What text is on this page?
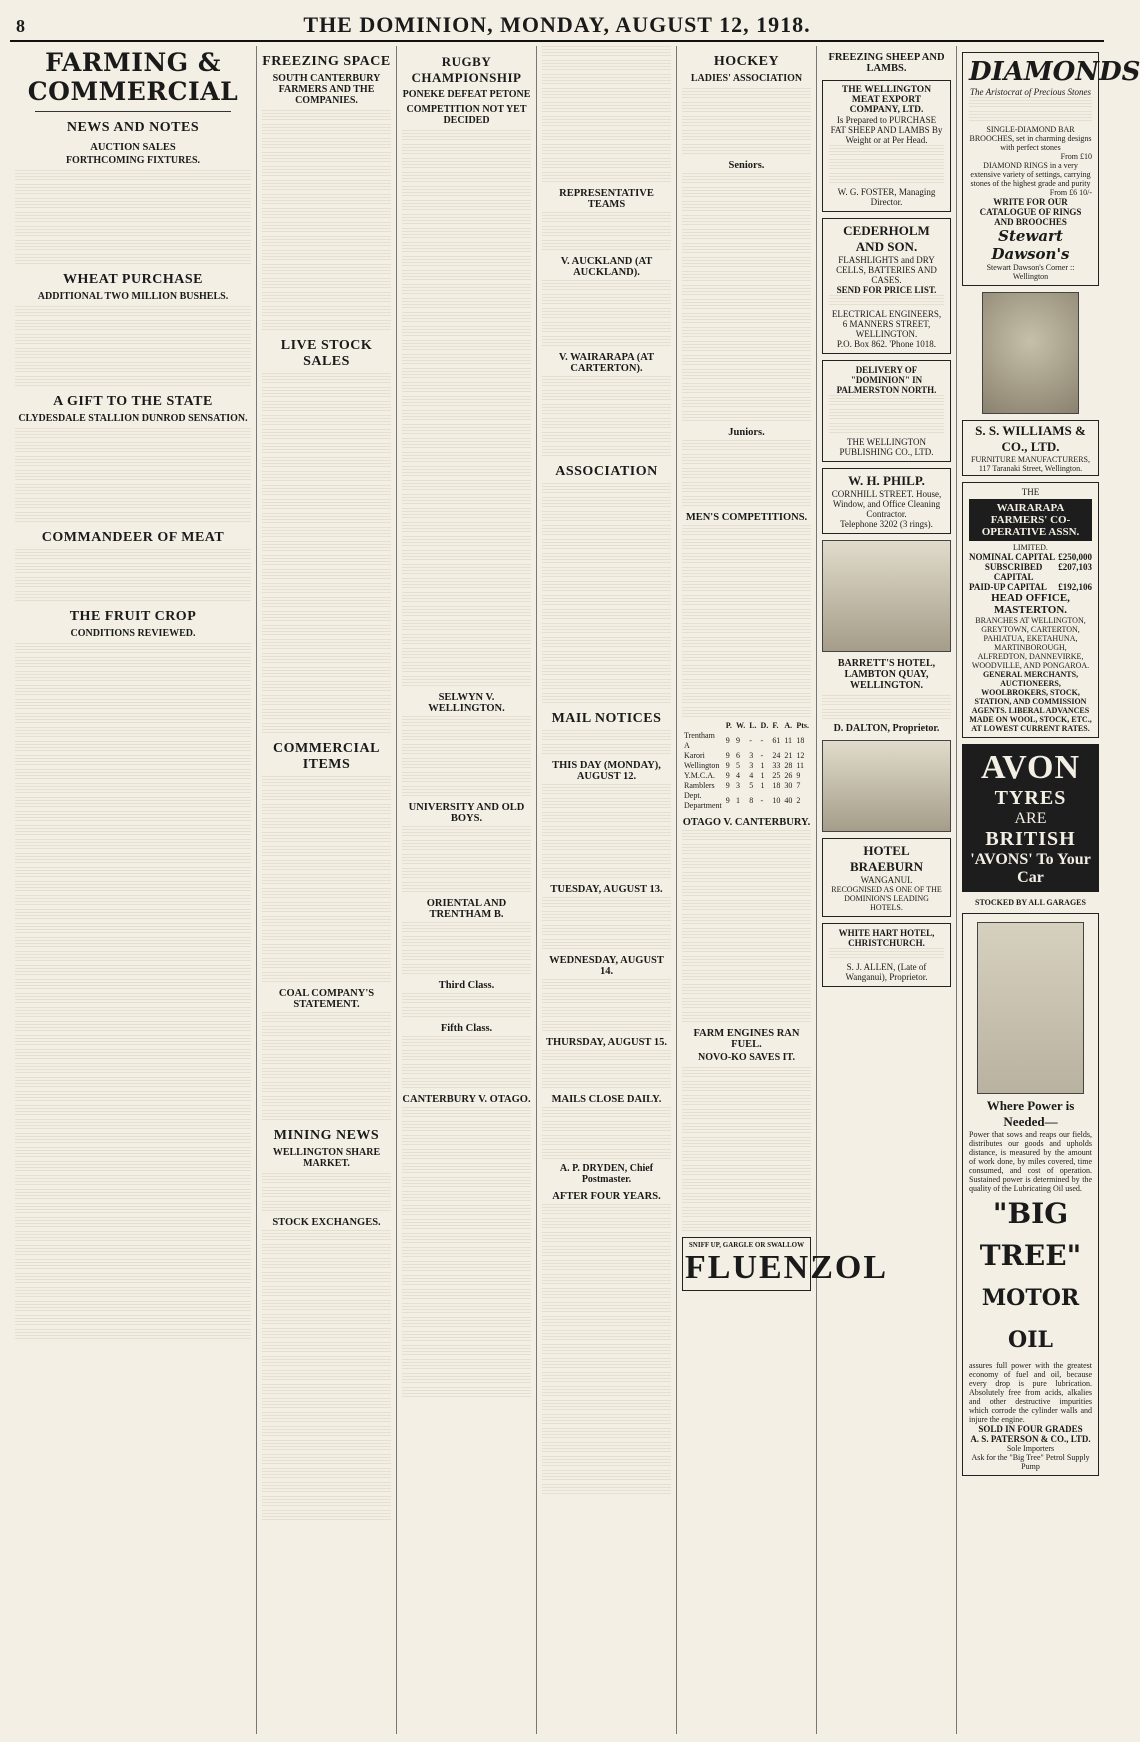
8	THE DOMINION, MONDAY, AUGUST 12, 1918.
FARMING & COMMERCIAL
NEWS AND NOTES
AUCTION SALES
FORTHCOMING FIXTURES.
WHEAT PURCHASE
ADDITIONAL TWO MILLION BUSHELS.
A GIFT TO THE STATE
CLYDESDALE STALLION DUNROD SENSATION.
COMMANDEER OF MEAT
THE FRUIT CROP
CONDITIONS REVIEWED.
FREEZING SPACE
SOUTH CANTERBURY FARMERS AND THE COMPANIES.
LIVE STOCK SALES
COMMERCIAL ITEMS
COAL COMPANY'S STATEMENT.
MINING NEWS
WELLINGTON SHARE MARKET.
STOCK EXCHANGES.
RUGBY CHAMPIONSHIP
PONEKE DEFEAT PETONE
COMPETITION NOT YET DECIDED
SELWYN V. WELLINGTON.
UNIVERSITY AND OLD BOYS.
ORIENTAL AND TRENTHAM B.
Third Class.
Fifth Class.
CANTERBURY V. OTAGO.
REPRESENTATIVE TEAMS
V. AUCKLAND (AT AUCKLAND).
V. WAIRARAPA (AT CARTERTON).
ASSOCIATION
MAIL NOTICES
THIS DAY (MONDAY), AUGUST 12.
TUESDAY, AUGUST 13.
WEDNESDAY, AUGUST 14.
THURSDAY, AUGUST 15.
MAILS CLOSE DAILY.
A. P. DRYDEN, Chief Postmaster.
AFTER FOUR YEARS.
HOCKEY
LADIES' ASSOCIATION
Seniors.
Juniors.
MEN'S COMPETITIONS.
	P.	W.	L.	D.	F.	A.	Pts.
Trentham A	9	9	-	-	61	11	18
Karori	9	6	3	-	24	21	12
Wellington	9	5	3	1	33	28	11
Y.M.C.A.	9	4	4	1	25	26	9
Ramblers	9	3	5	1	18	30	7
Dept. Department	9	1	8	-	10	40	2
OTAGO V. CANTERBURY.
FARM ENGINES RAN FUEL.
NOVO-KO SAVES IT.
SNIFF UP, GARGLE OR SWALLOW
FLUENZOL
FREEZING SHEEP AND LAMBS.
THE WELLINGTON MEAT EXPORT COMPANY, LTD.
Is Prepared to PURCHASE FAT SHEEP AND LAMBS By Weight or at Per Head.
W. G. FOSTER, Managing Director.
CEDERHOLM AND SON.
FLASHLIGHTS and DRY CELLS, BATTERIES AND CASES.
SEND FOR PRICE LIST.
ELECTRICAL ENGINEERS, 6 MANNERS STREET, WELLINGTON.
P.O. Box 862. 'Phone 1018.
DELIVERY OF "DOMINION" IN PALMERSTON NORTH.
THE WELLINGTON PUBLISHING CO., LTD.
W. H. PHILP.
CORNHILL STREET. House, Window, and Office Cleaning Contractor.
Telephone 3202 (3 rings).
BARRETT'S HOTEL, LAMBTON QUAY, WELLINGTON.
D. DALTON, Proprietor.
HOTEL BRAEBURN
WANGANUI.
RECOGNISED AS ONE OF THE DOMINION'S LEADING HOTELS.
WHITE HART HOTEL, CHRISTCHURCH.
S. J. ALLEN, (Late of Wanganui), Proprietor.
DIAMONDS
The Aristocrat of Precious Stones
SINGLE-DIAMOND BAR BROOCHES, set in charming designs with perfect stones
From £10
DIAMOND RINGS in a very extensive variety of settings, carrying stones of the highest grade and purity
From £6 10/-
WRITE FOR OUR CATALOGUE OF RINGS AND BROOCHES
Stewart Dawson's
Stewart Dawson's Corner :: Wellington
S. S. WILLIAMS & CO., LTD.
FURNITURE MANUFACTURERS, 117 Taranaki Street, Wellington.
THE
WAIRARAPA FARMERS' CO-OPERATIVE ASSN.
LIMITED.
NOMINAL CAPITAL £250,000
SUBSCRIBED CAPITAL
£207,103
PAID-UP CAPITAL £192,106
HEAD OFFICE, MASTERTON.
BRANCHES AT WELLINGTON, GREYTOWN, CARTERTON, PAHIATUA, EKETAHUNA, MARTINBOROUGH, ALFREDTON, DANNEVIRKE, WOODVILLE, AND PONGAROA.
GENERAL MERCHANTS, AUCTIONEERS, WOOLBROKERS, STOCK, STATION, AND COMMISSION AGENTS. LIBERAL ADVANCES MADE ON WOOL, STOCK, ETC., AT LOWEST CURRENT RATES.
AVON
TYRES
ARE
BRITISH
'AVONS' To Your Car
STOCKED BY ALL GARAGES
Where Power is Needed—
Power that sows and reaps our fields, distributes our goods and upholds distance, is measured by the amount of work done, by miles covered, time consumed, and cost of operation. Sustained power is determined by the quality of the Lubricating Oil used.
"BIG TREE"
MOTOR OIL
assures full power with the greatest economy of fuel and oil, because every drop is pure lubrication. Absolutely free from acids, alkalies and other destructive impurities which corrode the cylinder walls and injure the engine.
SOLD IN FOUR GRADES
A. S. PATERSON & CO., LTD.
Sole Importers
Ask for the "Big Tree" Petrol Supply Pump
